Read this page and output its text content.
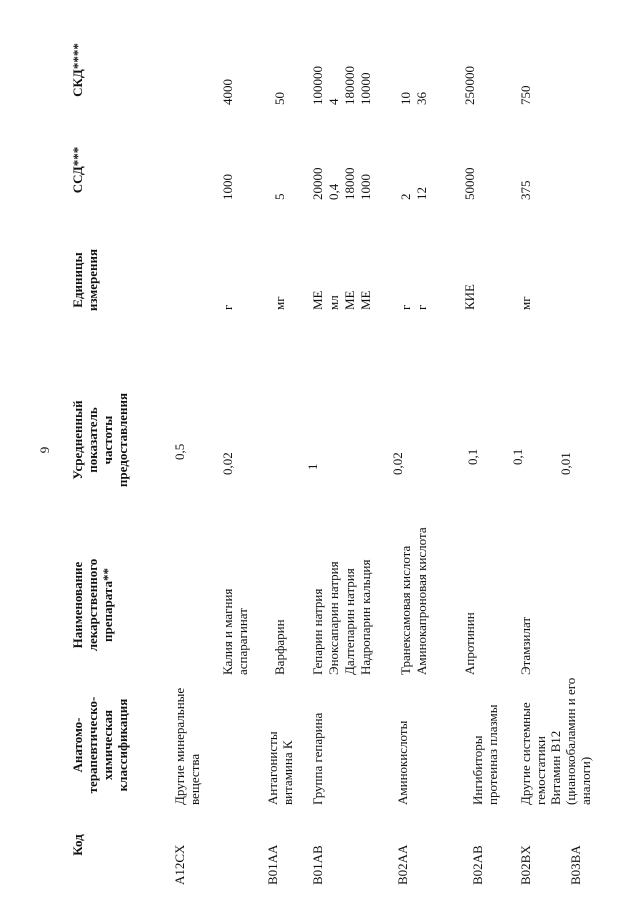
9
Код
Анатомо-терапевтическо-химическая классификация
Наименование лекарственного препарата**
Усредненный показатель частоты предоставления
Единицы измерения
ССД***
СКД****
A12CX
Другие минеральные вещества
0,5
Калия и магния аспарагинат
0,02
г
1000
4000
B01AA
Антагонисты витамина К
Варфарин
мг
5
50
B01AB
Группа гепарина
1
Гепарин натрия
МЕ
20000
100000
Эноксапарин натрия
мл
0,4
4
Далтепарин натрия
МЕ
18000
180000
Надропарин кальция
МЕ
1000
10000
B02AA
Аминокислоты
0,02
Транексамовая кислота
г
2
10
Аминокапроновая кислота
г
12
36
B02AB
Ингибиторы протеиназ плазмы
0,1
Апротинин
КИЕ
50000
250000
B02BX
Другие системные гемостатики
0,1
Этамзилат
0,01
мг
375
750
B03BA
Витамин B12 (цианокобаламин и его аналоги)
